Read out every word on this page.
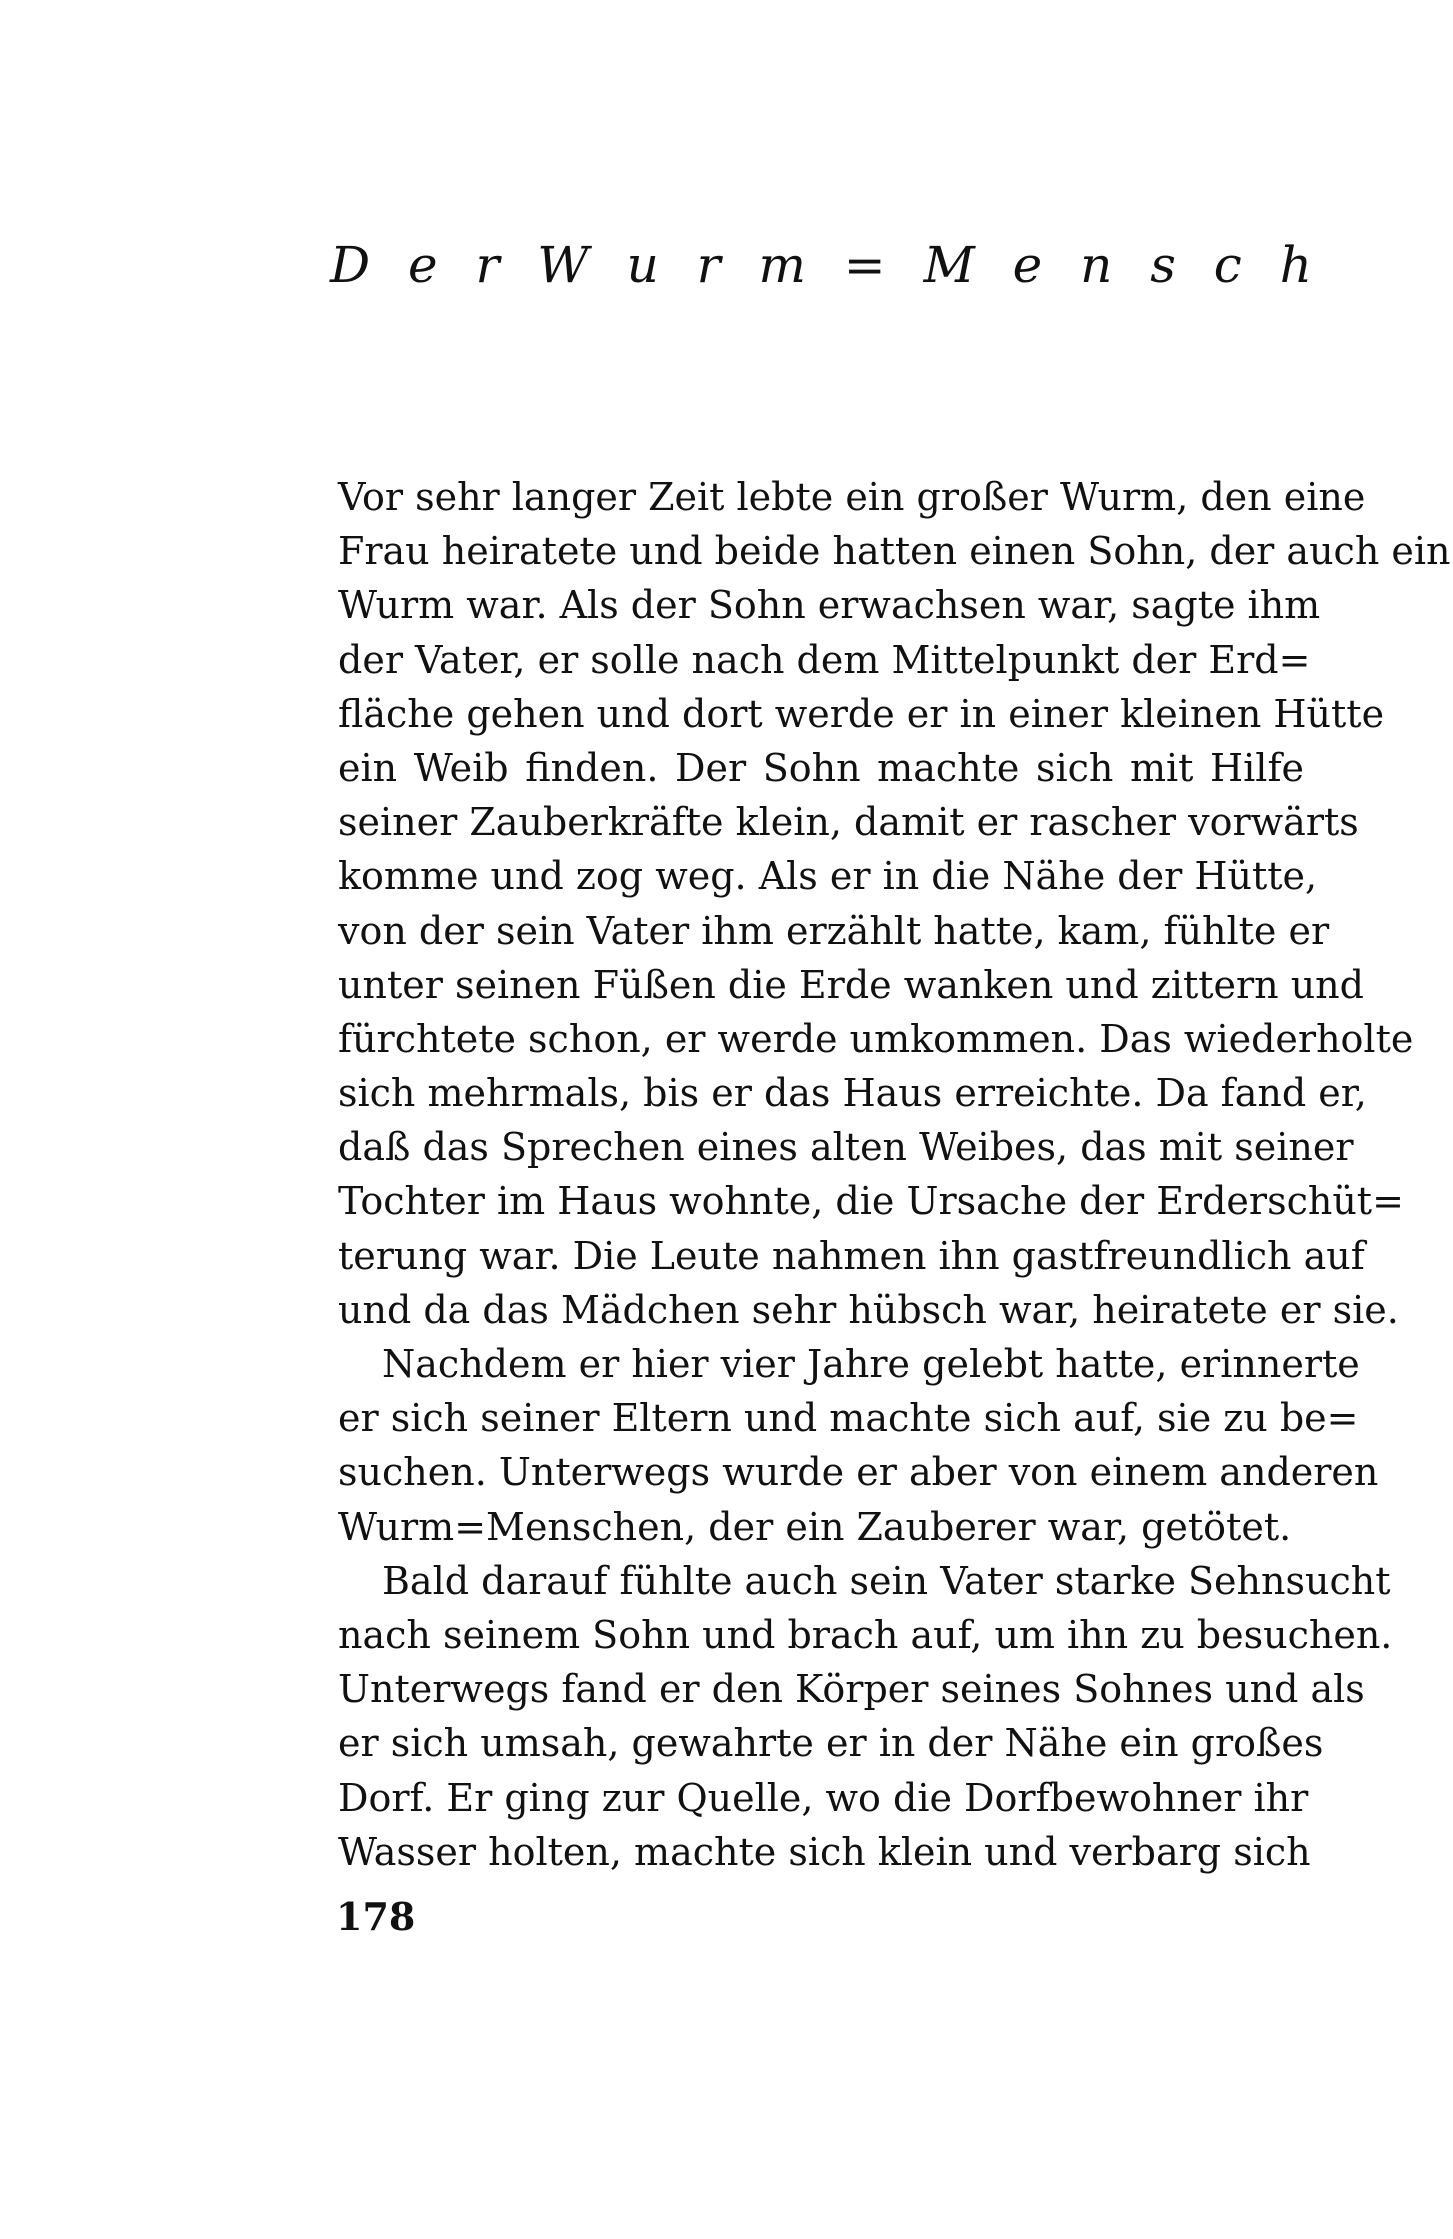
D e r W u r m = M e n s c h
Vor sehr langer Zeit lebte ein großer Wurm, den eine
Frau heiratete und beide hatten einen Sohn, der auch ein
Wurm war. Als der Sohn erwachsen war, sagte ihm
der Vater, er solle nach dem Mittelpunkt der Erd=
fläche gehen und dort werde er in einer kleinen Hütte
ein Weib finden. Der Sohn machte sich mit Hilfe
seiner Zauberkräfte klein, damit er rascher vorwärts
komme und zog weg. Als er in die Nähe der Hütte,
von der sein Vater ihm erzählt hatte, kam, fühlte er
unter seinen Füßen die Erde wanken und zittern und
fürchtete schon, er werde umkommen. Das wiederholte
sich mehrmals, bis er das Haus erreichte. Da fand er,
daß das Sprechen eines alten Weibes, das mit seiner
Tochter im Haus wohnte, die Ursache der Erderschüt=
terung war. Die Leute nahmen ihn gastfreundlich auf
und da das Mädchen sehr hübsch war, heiratete er sie.
Nachdem er hier vier Jahre gelebt hatte, erinnerte
er sich seiner Eltern und machte sich auf, sie zu be=
suchen. Unterwegs wurde er aber von einem anderen
Wurm=Menschen, der ein Zauberer war, getötet.
Bald darauf fühlte auch sein Vater starke Sehnsucht
nach seinem Sohn und brach auf, um ihn zu besuchen.
Unterwegs fand er den Körper seines Sohnes und als
er sich umsah, gewahrte er in der Nähe ein großes
Dorf. Er ging zur Quelle, wo die Dorfbewohner ihr
Wasser holten, machte sich klein und verbarg sich
178
